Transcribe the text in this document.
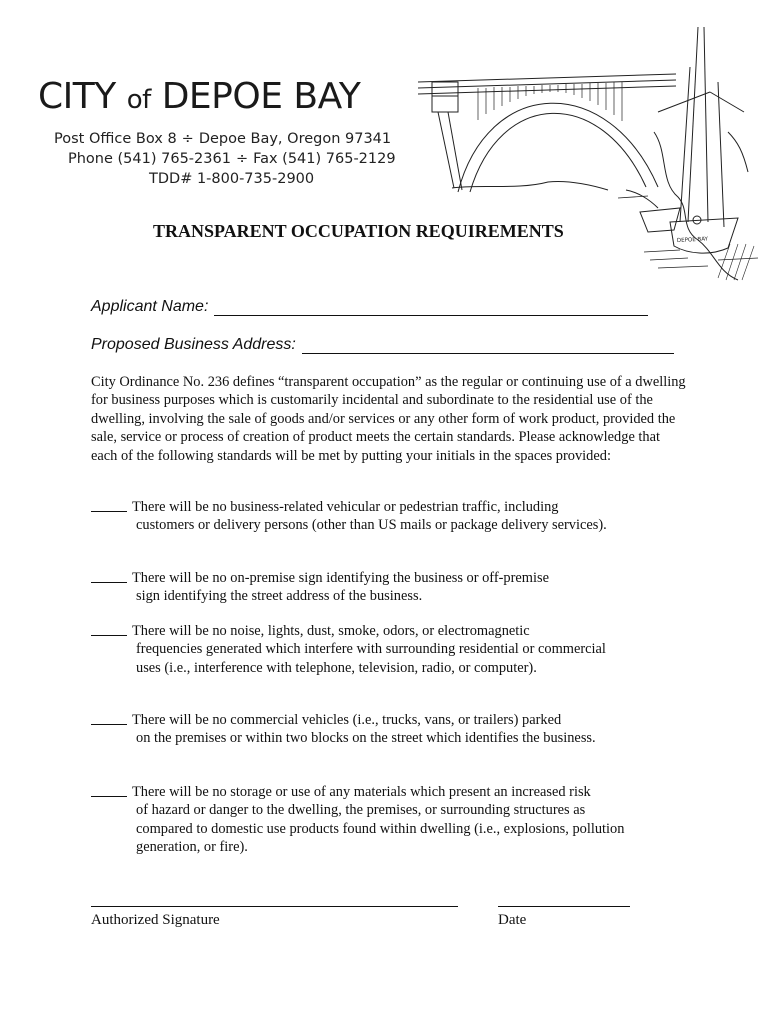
CITY of DEPOE BAY

Post Office Box 8 ÷ Depoe Bay, Oregon 97341

Phone (541) 765-2361 ÷ Fax (541) 765-2129

TDD# 1-800-735-2900

DEPOE BAY
TRANSPARENT OCCUPATION REQUIREMENTS
Applicant Name:
Proposed Business Address:

City Ordinance No. 236 defines “transparent occupation” as the regular or continuing use of a dwelling for business purposes which is customarily incidental and subordinate to the residential use of the dwelling, involving the sale of goods and/or services or any other form of work product, provided the sale, service or process of creation of product meets the certain standards. Please acknowledge that each of the following standards will be met by putting your initials in the spaces provided:

There will be no business-related vehicular or pedestrian traffic, including
customers or delivery persons (other than US mails or package delivery services).

There will be no on-premise sign identifying the business or off-premise
sign identifying the street address of the business.

There will be no noise, lights, dust, smoke, odors, or electromagnetic
frequencies generated which interfere with surrounding residential or commercial uses (i.e., interference with telephone, television, radio, or computer).

There will be no commercial vehicles (i.e., trucks, vans, or trailers) parked
on the premises or within two blocks on the street which identifies the business.

There will be no storage or use of any materials which present an increased risk
of hazard or danger to the dwelling, the premises, or surrounding structures as compared to domestic use products found within dwelling (i.e., explosions, pollution generation, or fire).

Authorized Signature	Date
